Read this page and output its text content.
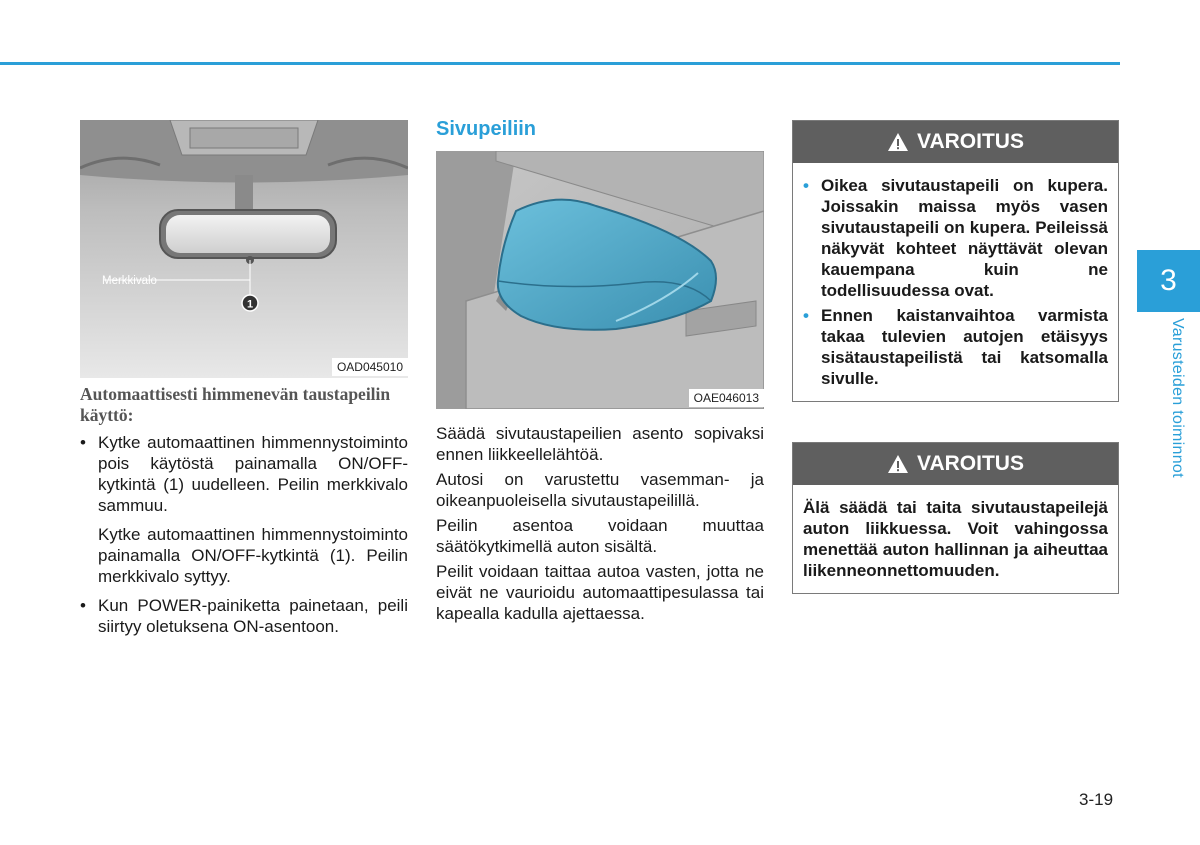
1
Merkkivalo
OAD045010

Automaattisesti himmenevän taustapeilin käyttö:

• Kytke automaattinen himmennystoiminto pois käytöstä painamalla ON/OFF-kytkintä (1) uudelleen. Peilin merkkivalo sammuu.

Kytke automaattinen himmennystoiminto painamalla ON/OFF-kytkintä (1). Peilin merkkivalo syttyy.

• Kun POWER-painiketta painetaan, peili siirtyy oletuksena ON-asentoon.

Sivupeiliin
OAE046013

Säädä sivutaustapeilien asento sopivaksi ennen liikkeellelähtöä.

Autosi on varustettu vasemman- ja oikeanpuoleisella sivutaustapeilillä.

Peilin asentoa voidaan muuttaa säätökytkimellä auton sisältä.

Peilit voidaan taittaa autoa vasten, jotta ne eivät ne vaurioidu automaattipesulassa tai kapealla kadulla ajettaessa.

VAROITUS
• Oikea sivutaustapeili on kupera. Joissakin maissa myös vasen sivutaustapeili on kupera. Peileissä näkyvät kohteet näyttävät olevan kauempana kuin ne todellisuudessa ovat.
• Ennen kaistanvaihtoa varmista takaa tulevien autojen etäisyys sisätaustapeilistä tai katsomalla sivulle.
VAROITUS
Älä säädä tai taita sivutaustapeilejä auton liikkuessa. Voit vahingossa menettää auton hallinnan ja aiheuttaa liikenneonnettomuuden.
3
Varusteiden toiminnot
3-19
